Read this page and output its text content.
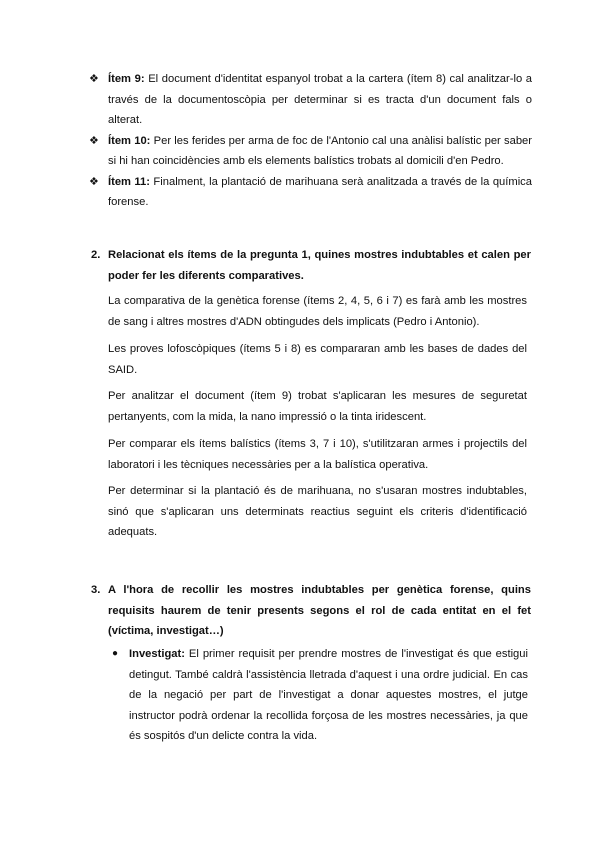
❖ Ítem 9: El document d'identitat espanyol trobat a la cartera (ítem 8) cal analitzar-lo a través de la documentoscòpia per determinar si es tracta d'un document fals o alterat.

❖ Ítem 10: Per les ferides per arma de foc de l'Antonio cal una anàlisi balístic per saber si hi han coincidències amb els elements balístics trobats al domicili d'en Pedro.

❖ Ítem 11: Finalment, la plantació de marihuana serà analitzada a través de la química forense.

2. Relacionat els ítems de la pregunta 1, quines mostres indubtables et calen per poder fer les diferents comparatives.

La comparativa de la genètica forense (ítems 2, 4, 5, 6 i 7) es farà amb les mostres de sang i altres mostres d'ADN obtingudes dels implicats (Pedro i Antonio).

Les proves lofoscòpiques (ítems 5 i 8) es compararan amb les bases de dades del SAID.

Per analitzar el document (ítem 9) trobat s'aplicaran les mesures de seguretat pertanyents, com la mida, la nano impressió o la tinta iridescent.

Per comparar els ítems balístics (ítems 3, 7 i 10), s'utilitzaran armes i projectils del laboratori i les tècniques necessàries per a la balística operativa.

Per determinar si la plantació és de marihuana, no s'usaran mostres indubtables, sinó que s'aplicaran uns determinats reactius seguint els criteris d'identificació adequats.

3. A l'hora de recollir les mostres indubtables per genètica forense, quins requisits haurem de tenir presents segons el rol de cada entitat en el fet (víctima, investigat…)
● Investigat: El primer requisit per prendre mostres de l'investigat és que estigui detingut. També caldrà l'assistència lletrada d'aquest i una ordre judicial. En cas de la negació per part de l'investigat a donar aquestes mostres, el jutge instructor podrà ordenar la recollida forçosa de les mostres necessàries, ja que és sospitós d'un delicte contra la vida.
